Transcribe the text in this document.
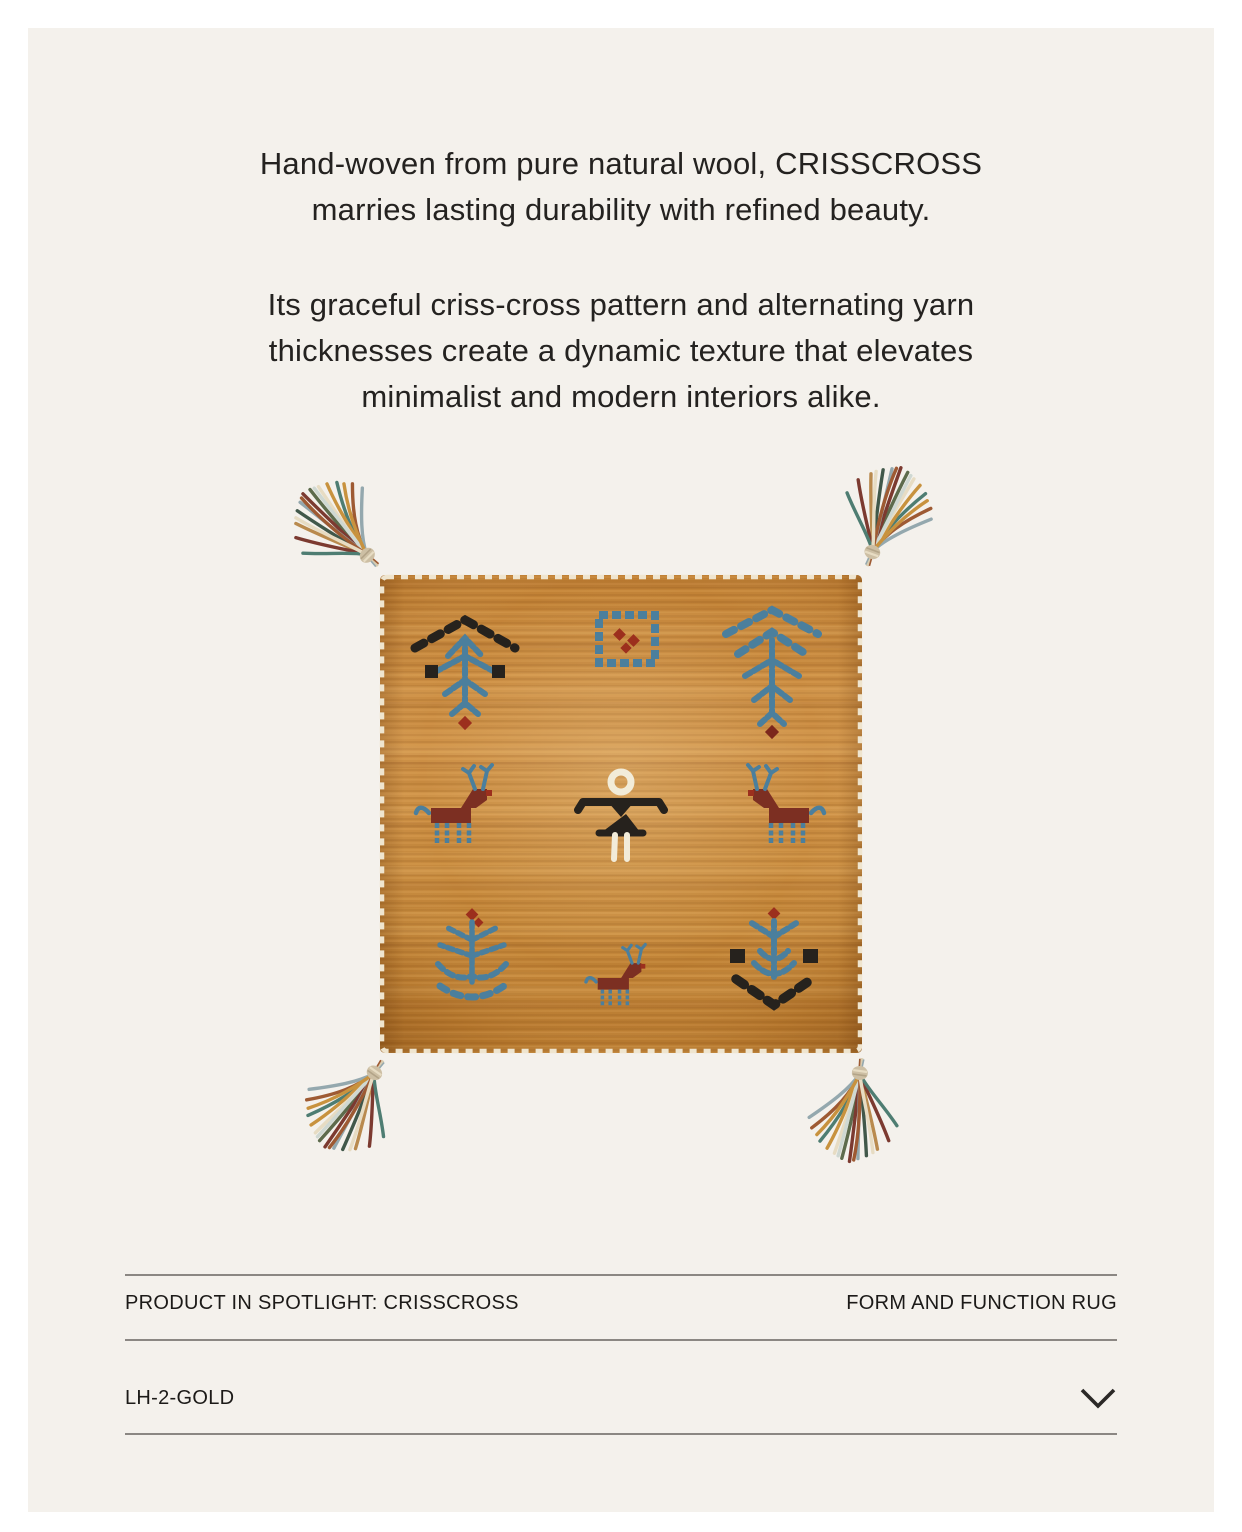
Hand-woven from pure natural wool, CRISSCROSS
marries lasting durability with refined beauty.
Its graceful criss-cross pattern and alternating yarn
thicknesses create a dynamic texture that elevates
minimalist and modern interiors alike.
PRODUCT IN SPOTLIGHT: CRISSCROSS	FORM AND FUNCTION RUG
LH-2-GOLD
